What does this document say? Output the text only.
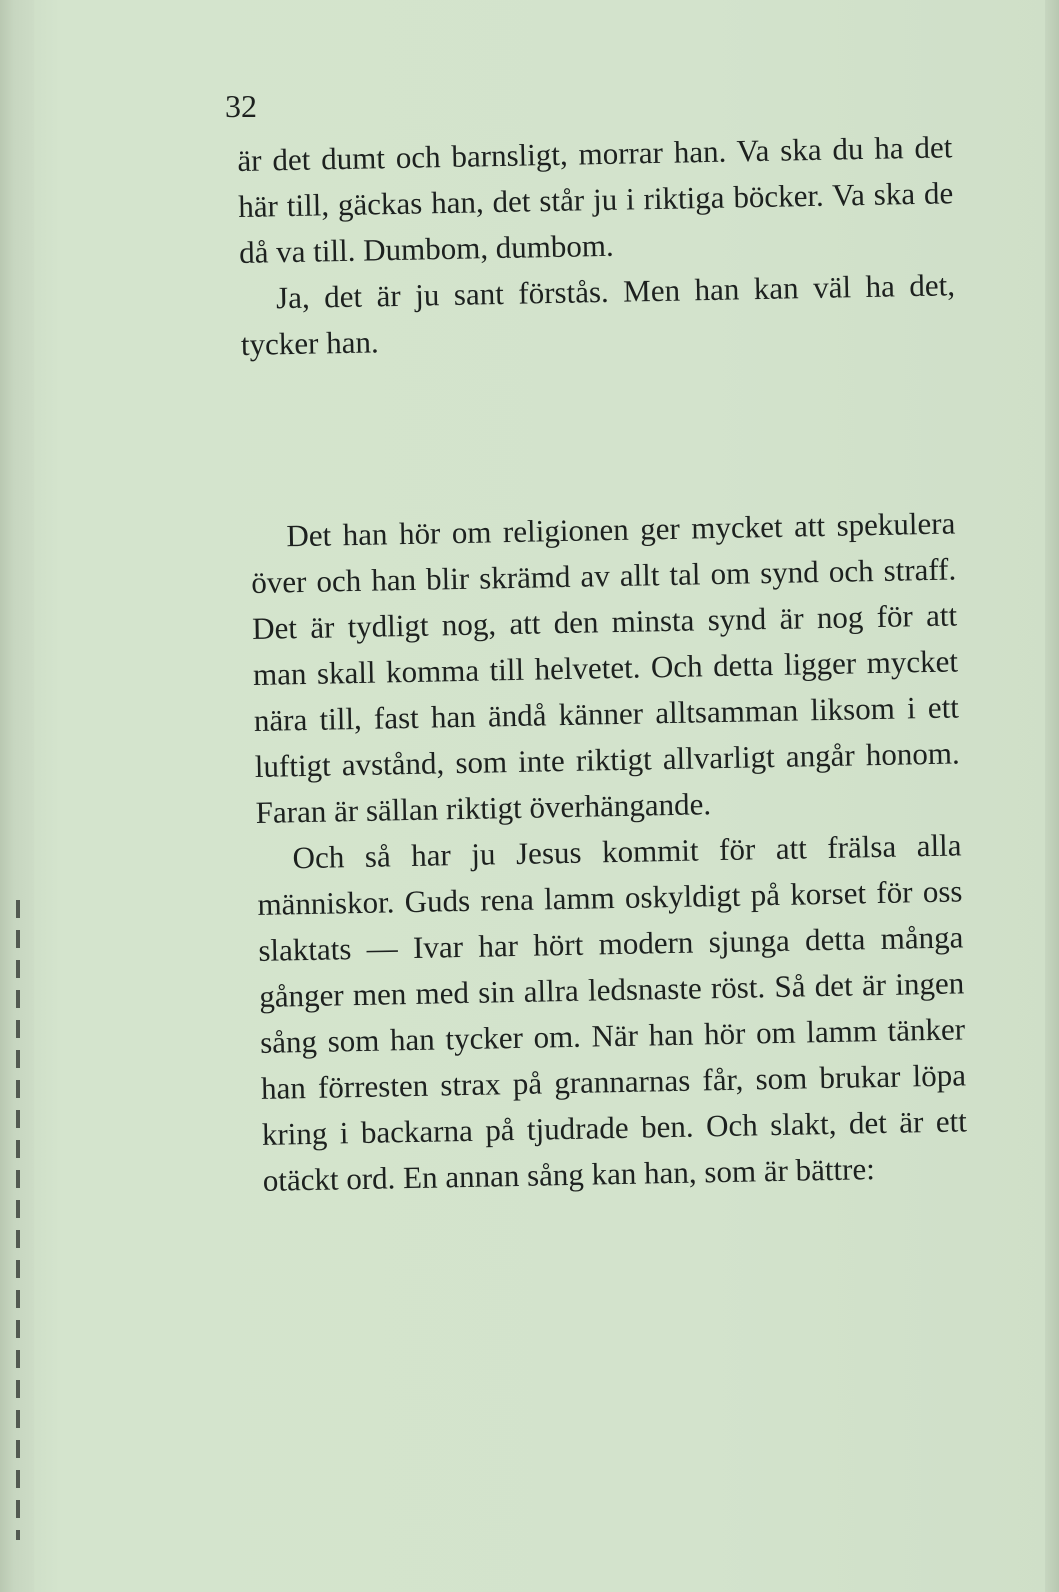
32

är det dumt och barnsligt, morrar han. Va ska du ha det här till, gäckas han, det står ju i riktiga böcker. Va ska de då va till. Dumbom, dumbom.

Ja, det är ju sant förstås. Men han kan väl ha det, tycker han.

Det han hör om religionen ger mycket att spekulera över och han blir skrämd av allt tal om synd och straff. Det är tydligt nog, att den minsta synd är nog för att man skall komma till helvetet. Och detta ligger mycket nära till, fast han ändå känner alltsamman liksom i ett luftigt avstånd, som inte riktigt allvarligt angår honom. Faran är sällan riktigt överhängande.

Och så har ju Jesus kommit för att frälsa alla människor. Guds rena lamm oskyldigt på korset för oss slaktats — Ivar har hört modern sjunga detta många gånger men med sin allra ledsnaste röst. Så det är ingen sång som han tycker om. När han hör om lamm tänker han förresten strax på grannarnas får, som brukar löpa kring i backarna på tjudrade ben. Och slakt, det är ett otäckt ord. En annan sång kan han, som är bättre:
